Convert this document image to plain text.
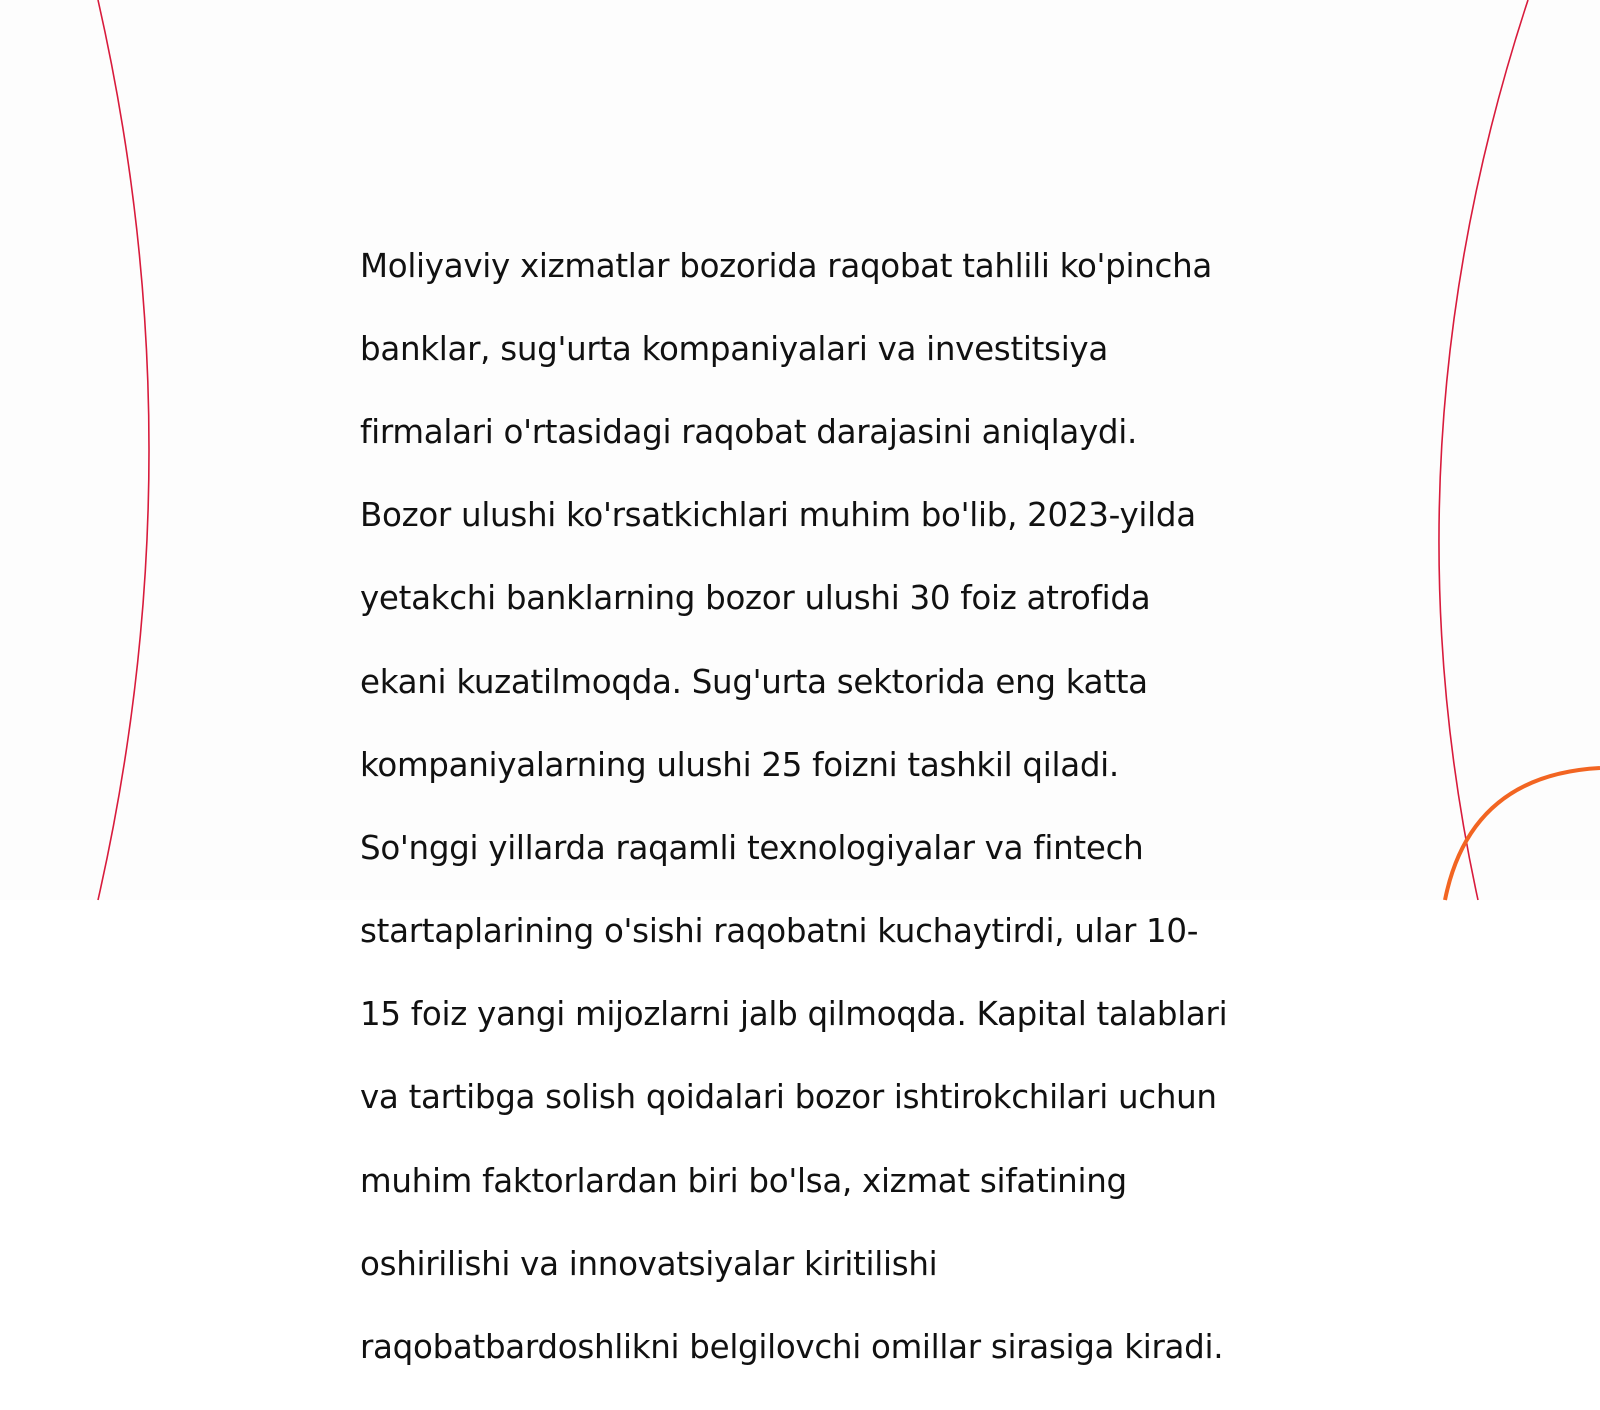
Moliyaviy xizmatlar bozorida raqobat tahlili ko'pincha

banklar, sug'urta kompaniyalari va investitsiya

firmalari o'rtasidagi raqobat darajasini aniqlaydi.

Bozor ulushi ko'rsatkichlari muhim bo'lib, 2023-yilda

yetakchi banklarning bozor ulushi 30 foiz atrofida

ekani kuzatilmoqda. Sug'urta sektorida eng katta

kompaniyalarning ulushi 25 foizni tashkil qiladi.

So'nggi yillarda raqamli texnologiyalar va fintech

startaplarining o'sishi raqobatni kuchaytirdi, ular 10-

15 foiz yangi mijozlarni jalb qilmoqda. Kapital talablari

va tartibga solish qoidalari bozor ishtirokchilari uchun

muhim faktorlardan biri bo'lsa, xizmat sifatining

oshirilishi va innovatsiyalar kiritilishi

raqobatbardoshlikni belgilovchi omillar sirasiga kiradi.
